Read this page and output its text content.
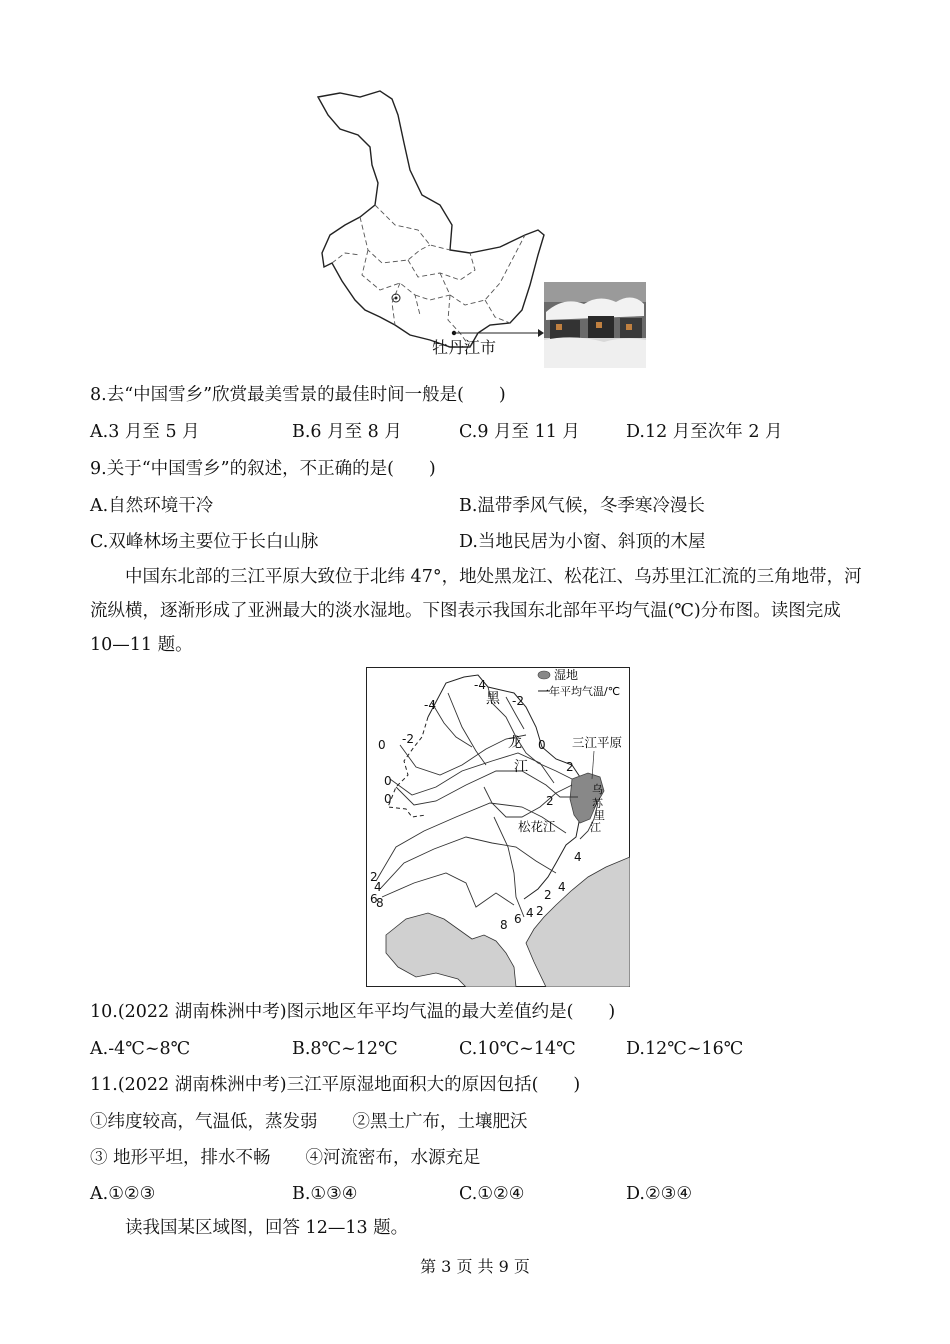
牡丹江市
8.去“中国雪乡”欣赏最美雪景的最佳时间一般是(　　)
A.3 月至 5 月	B.6 月至 8 月	C.9 月至 11 月	D.12 月至次年 2 月
9.关于“中国雪乡”的叙述，不正确的是(　　)
A.自然环境干冷	B.温带季风气候，冬季寒冷漫长
C.双峰林场主要位于长白山脉	D.当地民居为小窗、斜顶的木屋
中国东北部的三江平原大致位于北纬 47°，地处黑龙江、松花江、乌苏里江汇流的三角地带，河流纵横，逐渐形成了亚洲最大的淡水湿地。下图表示我国东北部年平均气温(℃)分布图。读图完成 10—11 题。
湿地
一年平均气温/℃
三江平原
黑
龙
江
松花江
乌
苏
里
江
-4
-4	-2
-2
0	0
0
0
2
2
4
6
8
2
4
6 4 2
8
2
4
10.(2022 湖南株洲中考)图示地区年平均气温的最大差值约是(　　)
A.-4℃~8℃	B.8℃~12℃	C.10℃~14℃	D.12℃~16℃
11.(2022 湖南株洲中考)三江平原湿地面积大的原因包括(　　)
①纬度较高，气温低，蒸发弱　　②黑土广布，土壤肥沃
③ 地形平坦，排水不畅　　④河流密布，水源充足
A.①②③	B.①③④	C.①②④	D.②③④
读我国某区域图，回答 12—13 题。
第 3 页 共 9 页
